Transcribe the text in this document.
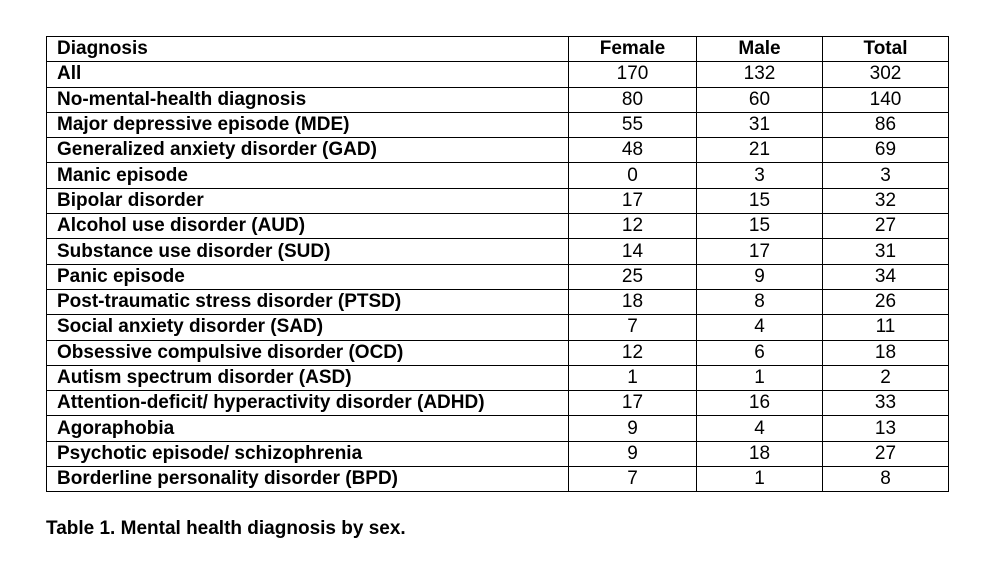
Diagnosis	Female	Male	Total
All	170	132	302
No-mental-health diagnosis	80	60	140
Major depressive episode (MDE)	55	31	86
Generalized anxiety disorder (GAD)	48	21	69
Manic episode	0	3	3
Bipolar disorder	17	15	32
Alcohol use disorder (AUD)	12	15	27
Substance use disorder (SUD)	14	17	31
Panic episode	25	9	34
Post-traumatic stress disorder (PTSD)	18	8	26
Social anxiety disorder (SAD)	7	4	11
Obsessive compulsive disorder (OCD)	12	6	18
Autism spectrum disorder (ASD)	1	1	2
Attention-deficit/ hyperactivity disorder (ADHD)	17	16	33
Agoraphobia	9	4	13
Psychotic episode/ schizophrenia	9	18	27
Borderline personality disorder (BPD)	7	1	8
Table 1. Mental health diagnosis by sex.
